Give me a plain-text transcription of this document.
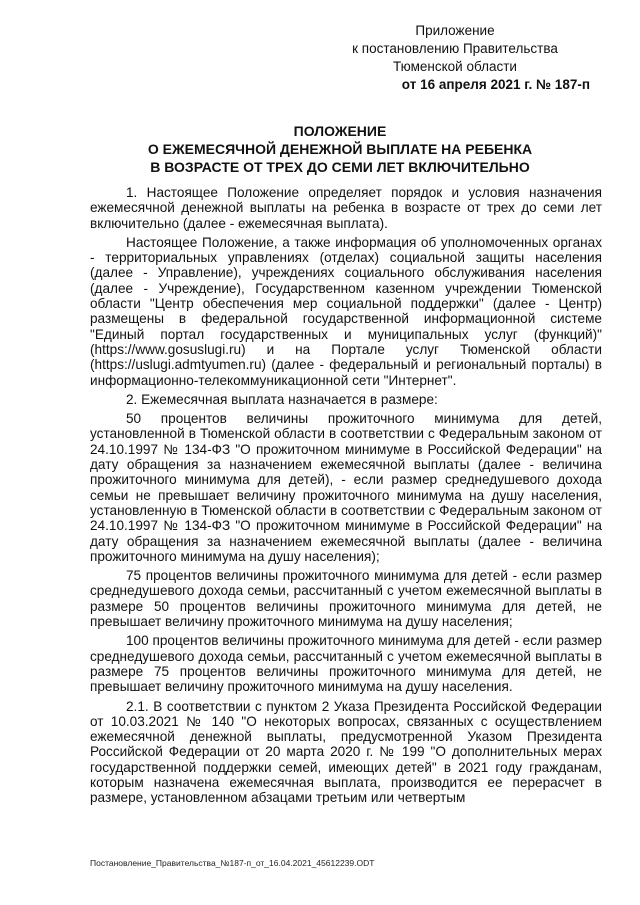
Приложение
к постановлению Правительства
Тюменской области
от 16 апреля 2021 г. № 187-п
ПОЛОЖЕНИЕ
О ЕЖЕМЕСЯЧНОЙ ДЕНЕЖНОЙ ВЫПЛАТЕ НА РЕБЕНКА
В ВОЗРАСТЕ ОТ ТРЕХ ДО СЕМИ ЛЕТ ВКЛЮЧИТЕЛЬНО

1. Настоящее Положение определяет порядок и условия назначения ежемесячной денежной выплаты на ребенка в возрасте от трех до семи лет включительно (далее - ежемесячная выплата).

Настоящее Положение, а также информация об уполномоченных органах - территориальных управлениях (отделах) социальной защиты населения (далее - Управление), учреждениях социального обслуживания населения (далее - Учреждение), Государственном казенном учреждении Тюменской области "Центр обеспечения мер социальной поддержки" (далее - Центр) размещены в федеральной государственной информационной системе "Единый портал государственных и муниципальных услуг (функций)" (https://www.gosuslugi.ru) и на Портале услуг Тюменской области (https://uslugi.admtyumen.ru) (далее - федеральный и региональный порталы) в информационно-телекоммуникационной сети "Интернет".

2. Ежемесячная выплата назначается в размере:

50 процентов величины прожиточного минимума для детей, установленной в Тюменской области в соответствии с Федеральным законом от 24.10.1997 № 134-ФЗ "О прожиточном минимуме в Российской Федерации" на дату обращения за назначением ежемесячной выплаты (далее - величина прожиточного минимума для детей), - если размер среднедушевого дохода семьи не превышает величину прожиточного минимума на душу населения, установленную в Тюменской области в соответствии с Федеральным законом от 24.10.1997 № 134-ФЗ "О прожиточном минимуме в Российской Федерации" на дату обращения за назначением ежемесячной выплаты (далее - величина прожиточного минимума на душу населения);

75 процентов величины прожиточного минимума для детей - если размер среднедушевого дохода семьи, рассчитанный с учетом ежемесячной выплаты в размере 50 процентов величины прожиточного минимума для детей, не превышает величину прожиточного минимума на душу населения;

100 процентов величины прожиточного минимума для детей - если размер среднедушевого дохода семьи, рассчитанный с учетом ежемесячной выплаты в размере 75 процентов величины прожиточного минимума для детей, не превышает величину прожиточного минимума на душу населения.

2.1. В соответствии с пунктом 2 Указа Президента Российской Федерации от 10.03.2021 № 140 "О некоторых вопросах, связанных с осуществлением ежемесячной денежной выплаты, предусмотренной Указом Президента Российской Федерации от 20 марта 2020 г. № 199 "О дополнительных мерах государственной поддержки семей, имеющих детей" в 2021 году гражданам, которым назначена ежемесячная выплата, производится ее перерасчет в размере, установленном абзацами третьим или четвертым

Постановление_Правительства_№187-п_от_16.04.2021_45612239.ODT
